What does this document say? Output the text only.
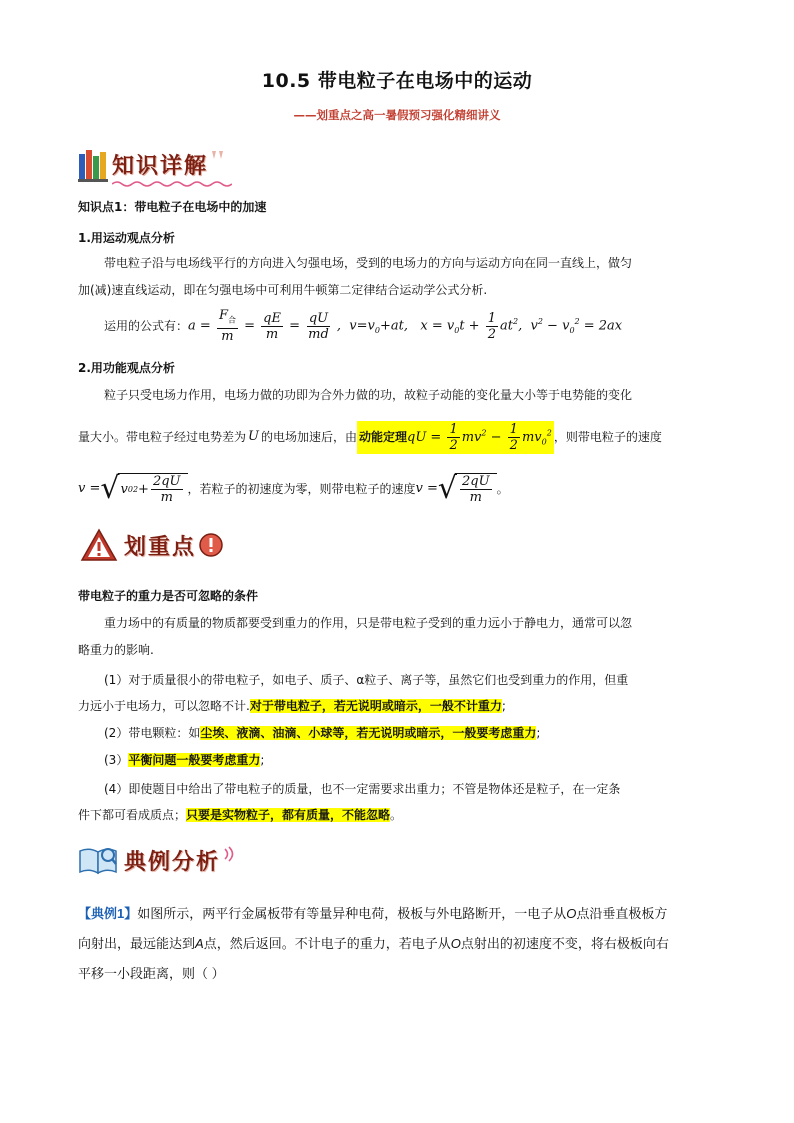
10.5 带电粒子在电场中的运动
——划重点之高一暑假预习强化精细讲义
知识详解
知识点1：带电粒子在电场中的加速
1.用运动观点分析
带电粒子沿与电场线平行的方向进入匀强电场，受到的电场力的方向与运动方向在同一直线上，做匀
加(减)速直线运动，即在匀强电场中可利用牛顿第二定律结合运动学公式分析.
运用的公式有： $a = \frac{F_合}{m} = \frac{qE}{m} = \frac{qU}{md}$ ,  $v=v_0+at$,   $x = v_0t + \frac{1}{2} at^2$,  $v^2 - v_0^2 = 2ax$
2.用功能观点分析
粒子只受电场力作用，电场力做的功即为合外力做的功，故粒子动能的变化量大小等于电势能的变化
量大小。带电粒子经过电势差为 U 的电场加速后，由 动能定理 qU = $\frac{1}{2} mv^2 - \frac{1}{2} mv_0^2$ ，则带电粒子的速度
v = √ v 0 $2 + \frac{2qU}{m}$ ，若粒子的初速度为零，则带电粒子的速度 v = √ $\frac{2qU}{m}$ 。
划重点
带电粒子的重力是否可忽略的条件
重力场中的有质量的物质都要受到重力的作用，只是带电粒子受到的重力远小于静电力，通常可以忽
略重力的影响.
(1）对于质量很小的带电粒子，如电子、质子、α粒子、离子等，虽然它们也受到重力的作用，但重
力远小于电场力，可以忽略不计.对于带电粒子，若无说明或暗示，一般不计重力;
(2）带电颗粒：如尘埃、液滴、油滴、小球等，若无说明或暗示，一般要考虑重力;
(3）平衡问题一般要考虑重力;
(4）即使题目中给出了带电粒子的质量，也不一定需要求出重力；不管是物体还是粒子，在一定条
件下都可看成质点；只要是实物粒子，都有质量，不能忽略。
典例分析
【典例1】如图所示，两平行金属板带有等量异种电荷，极板与外电路断开，一电子从O点沿垂直极板方
向射出，最远能达到A点，然后返回。不计电子的重力，若电子从O点射出的初速度不变，将右极板向右
平移一小段距离，则（ ）
